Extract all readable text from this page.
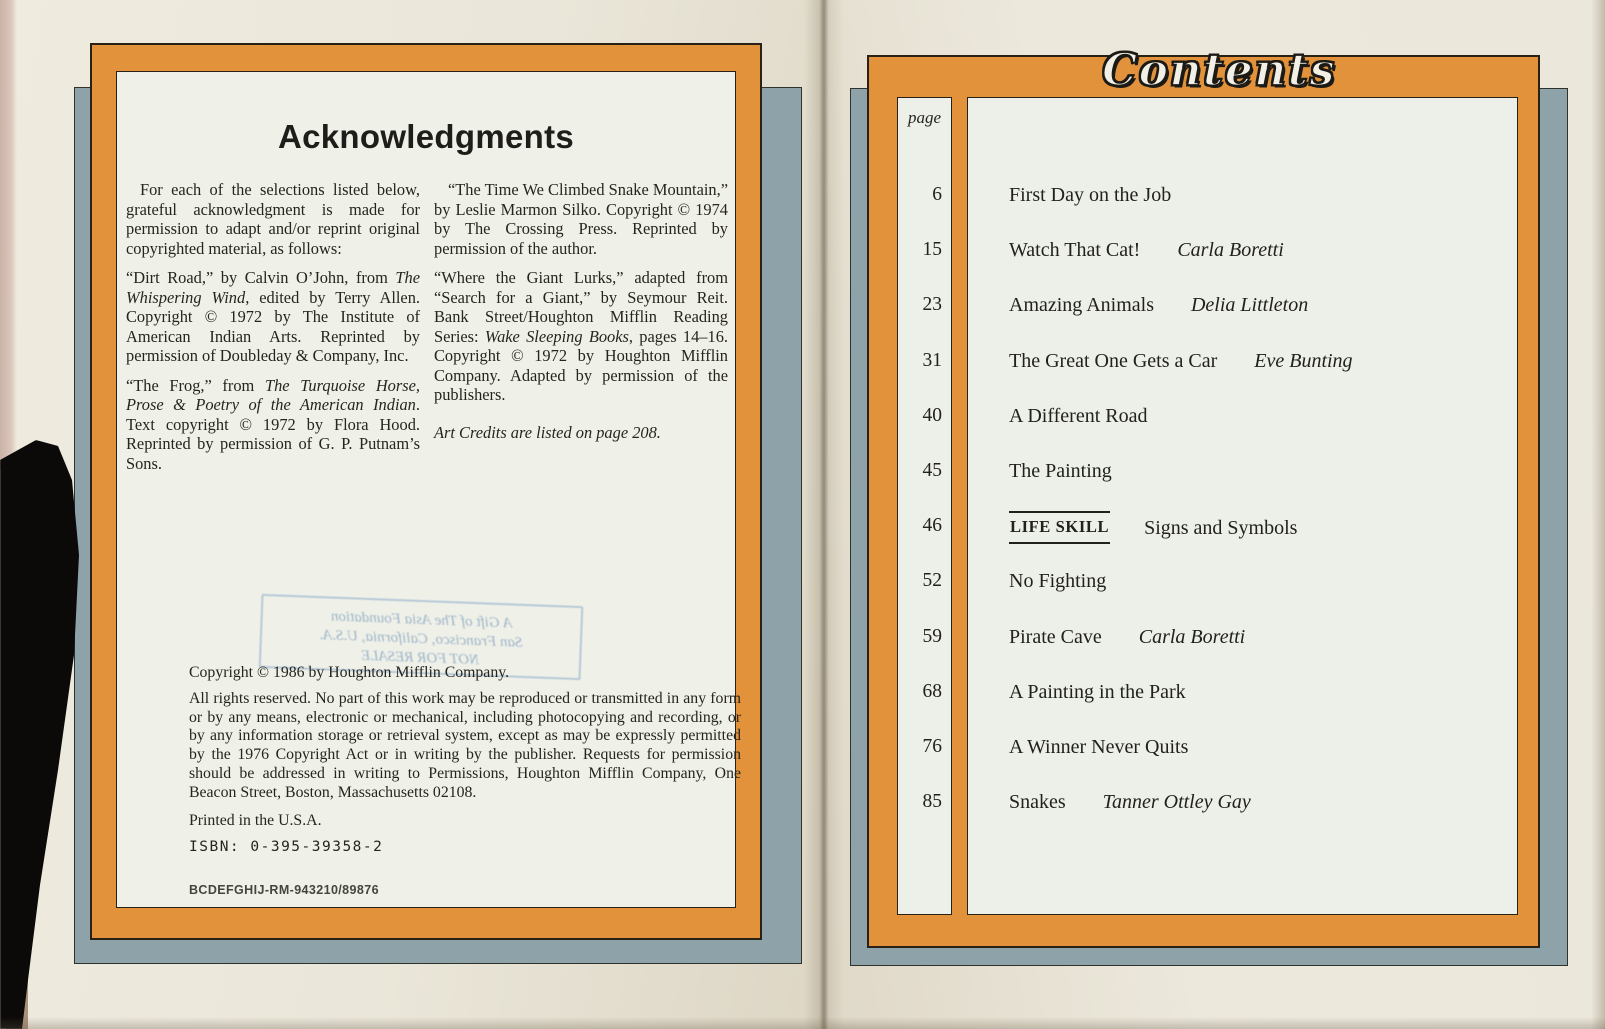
Acknowledgments

For each of the selections listed below, grateful acknowledgment is made for permission to adapt and/or reprint original copyrighted material, as follows:

“Dirt Road,” by Calvin O’John, from The Whispering Wind, edited by Terry Allen. Copyright © 1972 by The Institute of American Indian Arts. Reprinted by permission of Doubleday & Company, Inc.

“The Frog,” from The Turquoise Horse, Prose & Poetry of the American Indian. Text copyright © 1972 by Flora Hood. Reprinted by permission of G. P. Putnam’s Sons.

“The Time We Climbed Snake Mountain,” by Leslie Marmon Silko. Copyright © 1974 by The Crossing Press. Reprinted by permission of the author.

“Where the Giant Lurks,” adapted from “Search for a Giant,” by Seymour Reit. Bank Street/Houghton Mifflin Reading Series: Wake Sleeping Books, pages 14–16. Copyright © 1972 by Houghton Mifflin Company. Adapted by permission of the publishers.

Art Credits are listed on page 208.

A Gift of The Asia Foundation
San Francisco, California, U.S.A.
NOT FOR RESALE

Copyright © 1986 by Houghton Mifflin Company.

All rights reserved. No part of this work may be reproduced or transmitted in any form or by any means, electronic or mechanical, including photocopying and recording, or by any information storage or retrieval system, except as may be expressly permitted by the 1976 Copyright Act or in writing by the publisher. Requests for permission should be addressed in writing to Permissions, Houghton Mifflin Company, One Beacon Street, Boston, Massachusetts 02108.

Printed in the U.S.A.

ISBN: 0-395-39358-2

BCDEFGHIJ-RM-943210/89876

Contents
page
6
15
23
31
40
45
46
52
59
68
76
85
First Day on the Job
Watch That Cat! Carla Boretti
Amazing Animals Delia Littleton
The Great One Gets a Car Eve Bunting
A Different Road
The Painting
LIFE SKILL Signs and Symbols
No Fighting
Pirate Cave Carla Boretti
A Painting in the Park
A Winner Never Quits
Snakes Tanner Ottley Gay
